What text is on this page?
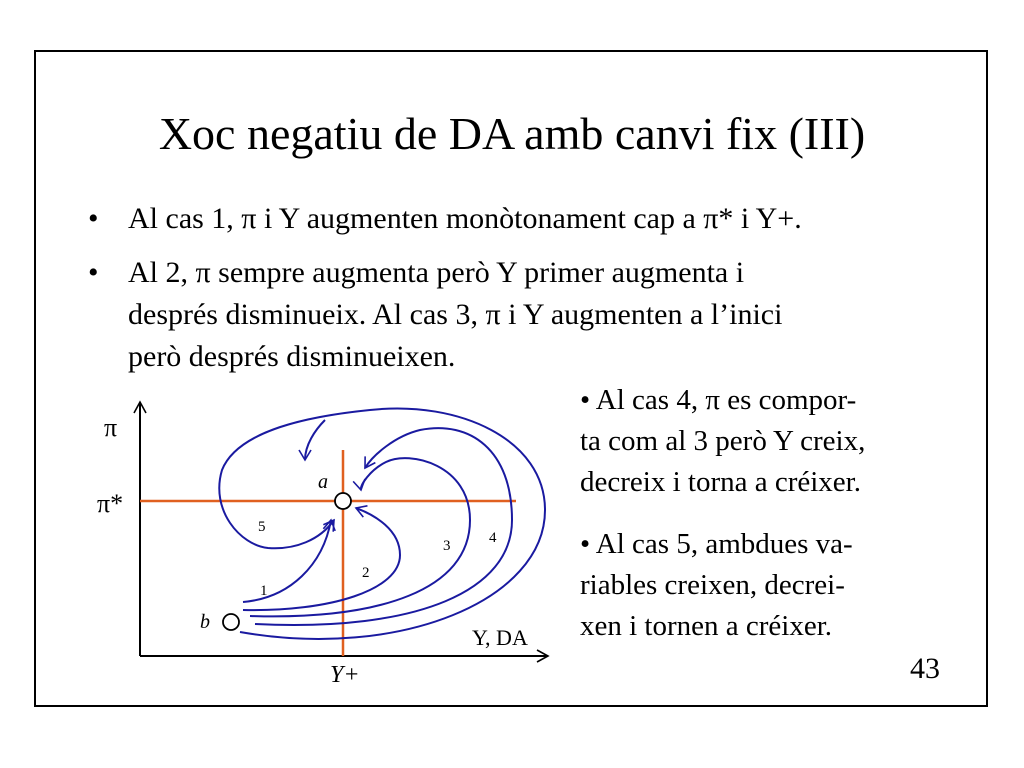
Xoc negatiu de DA amb canvi fix (III)
• Al cas 1, π i Y augmenten monòtonament cap a π* i Y+.
• Al 2, π sempre augmenta però Y primer augmenta i
després disminueix. Al cas 3, π i Y augmenten a l’inici
però després disminueixen.
• Al cas 4, π es compor-
ta com al 3 però Y creix,
decreix i torna a créixer.
• Al cas 5, ambdues va-
riables creixen, decrei-
xen i tornen a créixer.
π
π*
Y+
Y, DA
a
b
1
2
3	4
5
43
